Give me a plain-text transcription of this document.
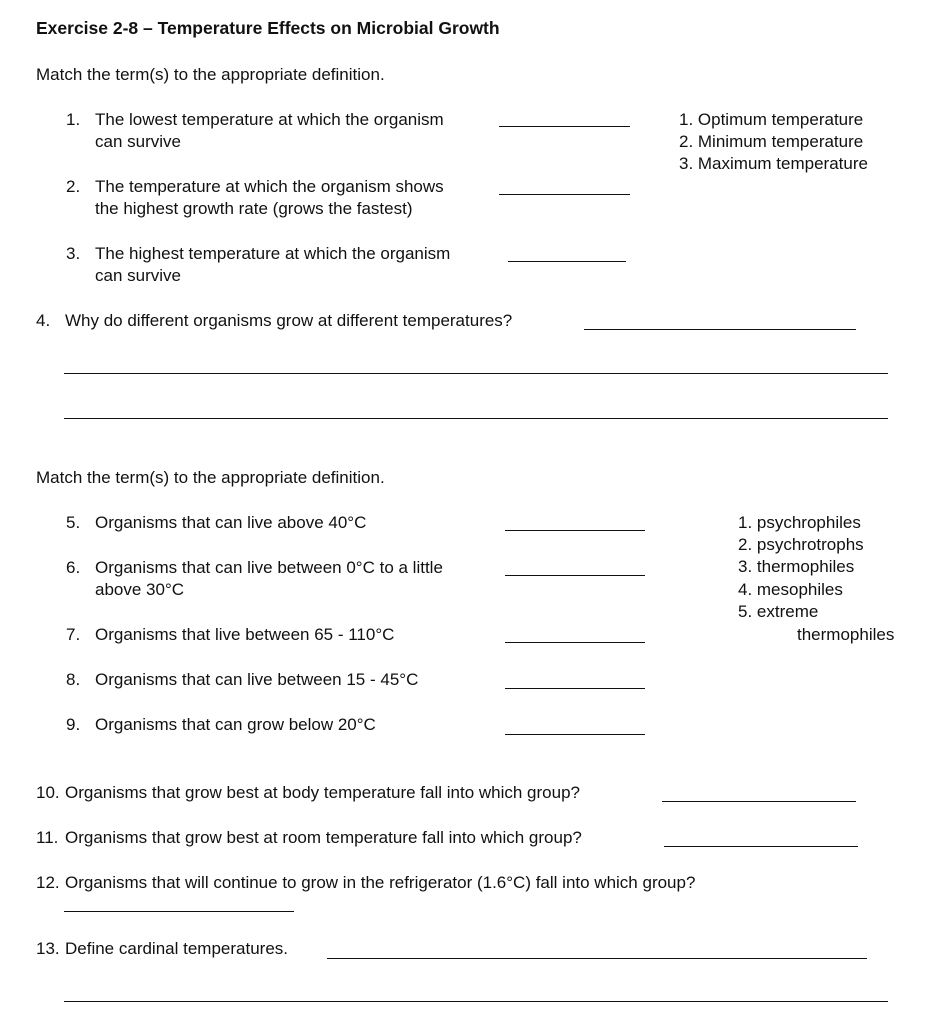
Exercise 2-8 – Temperature Effects on Microbial Growth
Match the term(s) to the appropriate definition.
1. The lowest temperature at which the organism
can survive
2. The temperature at which the organism shows
the highest growth rate (grows the fastest)
3. The highest temperature at which the organism
can survive
1. Optimum temperature
2. Minimum temperature
3. Maximum temperature
4. Why do different organisms grow at different temperatures?
Match the term(s) to the appropriate definition.
5. Organisms that can live above 40°C
6. Organisms that can live between 0°C to a little
above 30°C
7. Organisms that live between 65 - 110°C
8. Organisms that can live between 15 - 45°C
9. Organisms that can grow below 20°C
1. psychrophiles
2. psychrotrophs
3. thermophiles
4. mesophiles
5. extreme
thermophiles
10. Organisms that grow best at body temperature fall into which group?
11. Organisms that grow best at room temperature fall into which group?
12. Organisms that will continue to grow in the refrigerator (1.6°C) fall into which group?
13. Define cardinal temperatures.
